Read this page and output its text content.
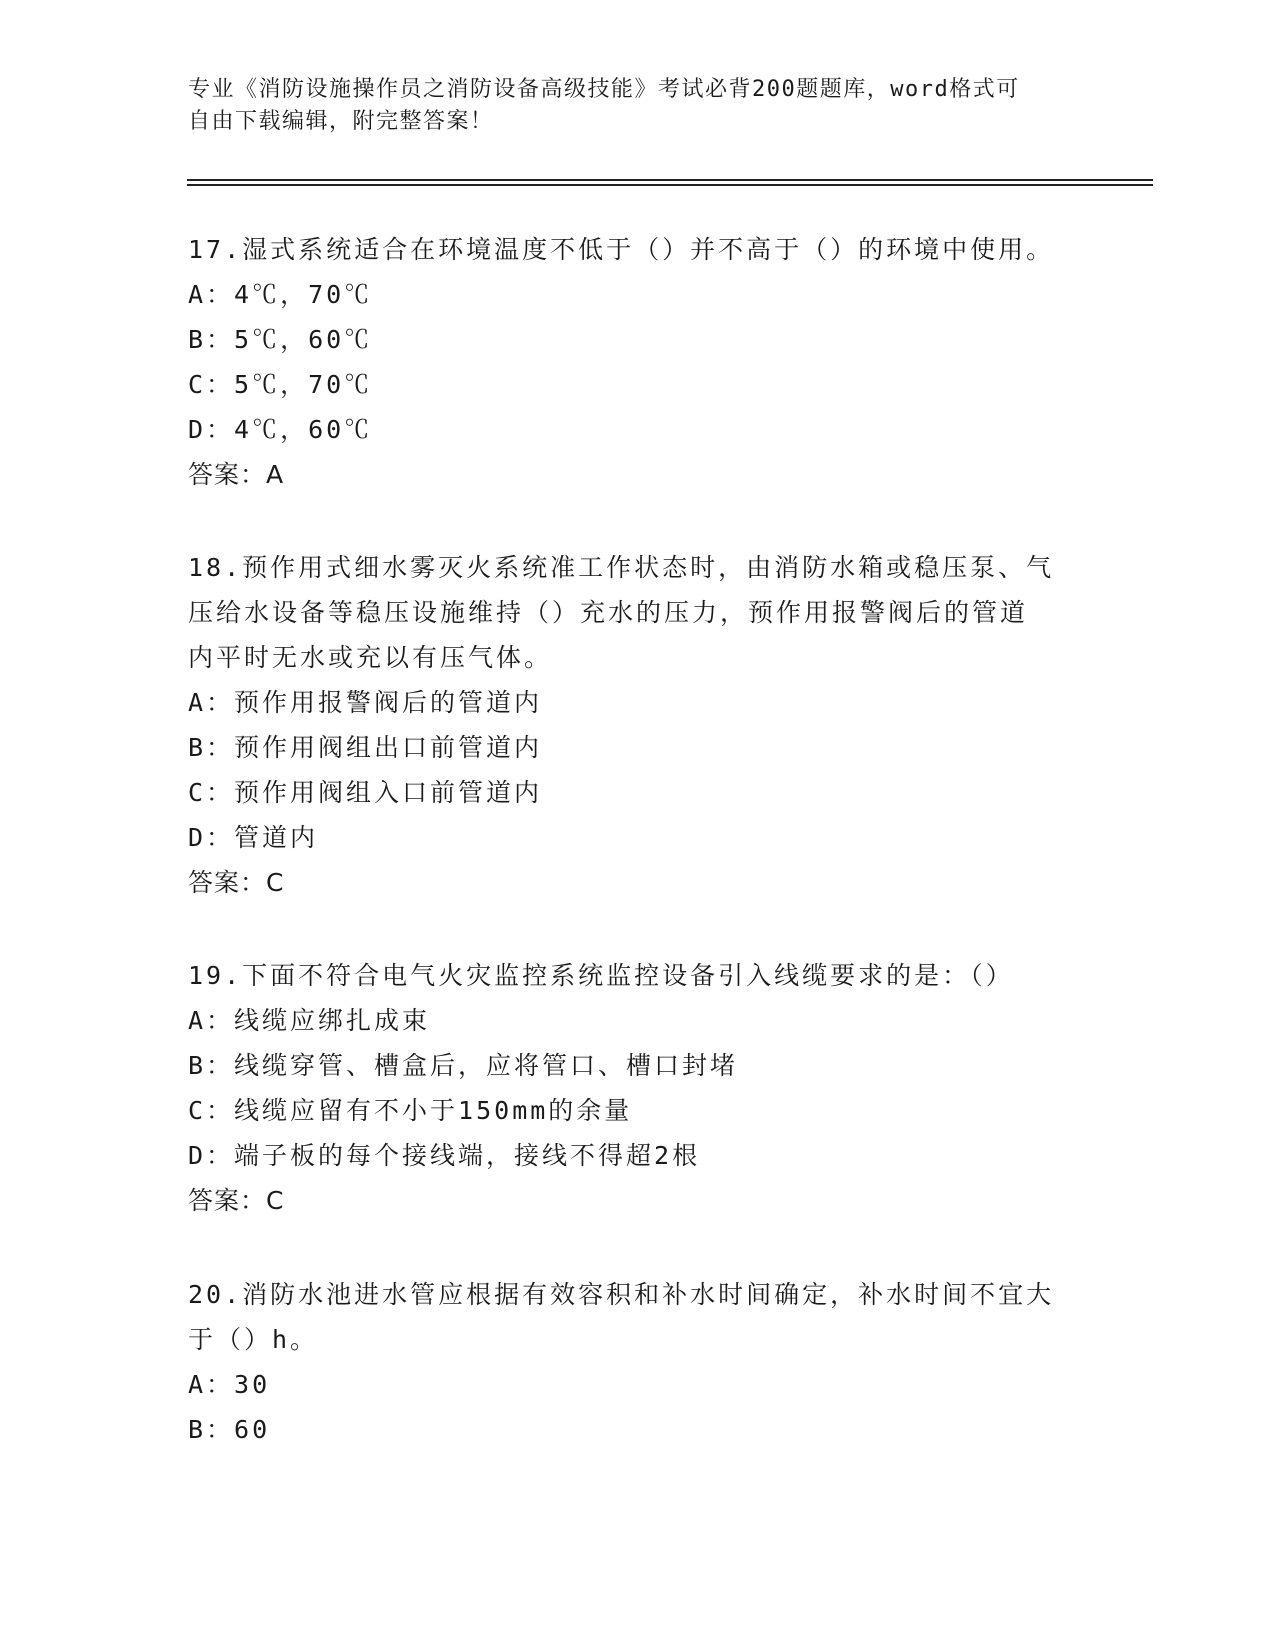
专业《消防设施操作员之消防设备高级技能》考试必背200题题库，word格式可
自由下载编辑，附完整答案！
17.湿式系统适合在环境温度不低于（）并不高于（）的环境中使用。
A：4℃，70℃
B：5℃，60℃
C：5℃，70℃
D：4℃，60℃
答案：A
18.预作用式细水雾灭火系统准工作状态时，由消防水箱或稳压泵、气
压给水设备等稳压设施维持（）充水的压力，预作用报警阀后的管道
内平时无水或充以有压气体。
A：预作用报警阀后的管道内
B：预作用阀组出口前管道内
C：预作用阀组入口前管道内
D：管道内
答案：C
19.下面不符合电气火灾监控系统监控设备引入线缆要求的是：（）
A：线缆应绑扎成束
B：线缆穿管、槽盒后，应将管口、槽口封堵
C：线缆应留有不小于150mm的余量
D：端子板的每个接线端，接线不得超2根
答案：C
20.消防水池进水管应根据有效容积和补水时间确定，补水时间不宜大
于（）h。
A：30
B：60
